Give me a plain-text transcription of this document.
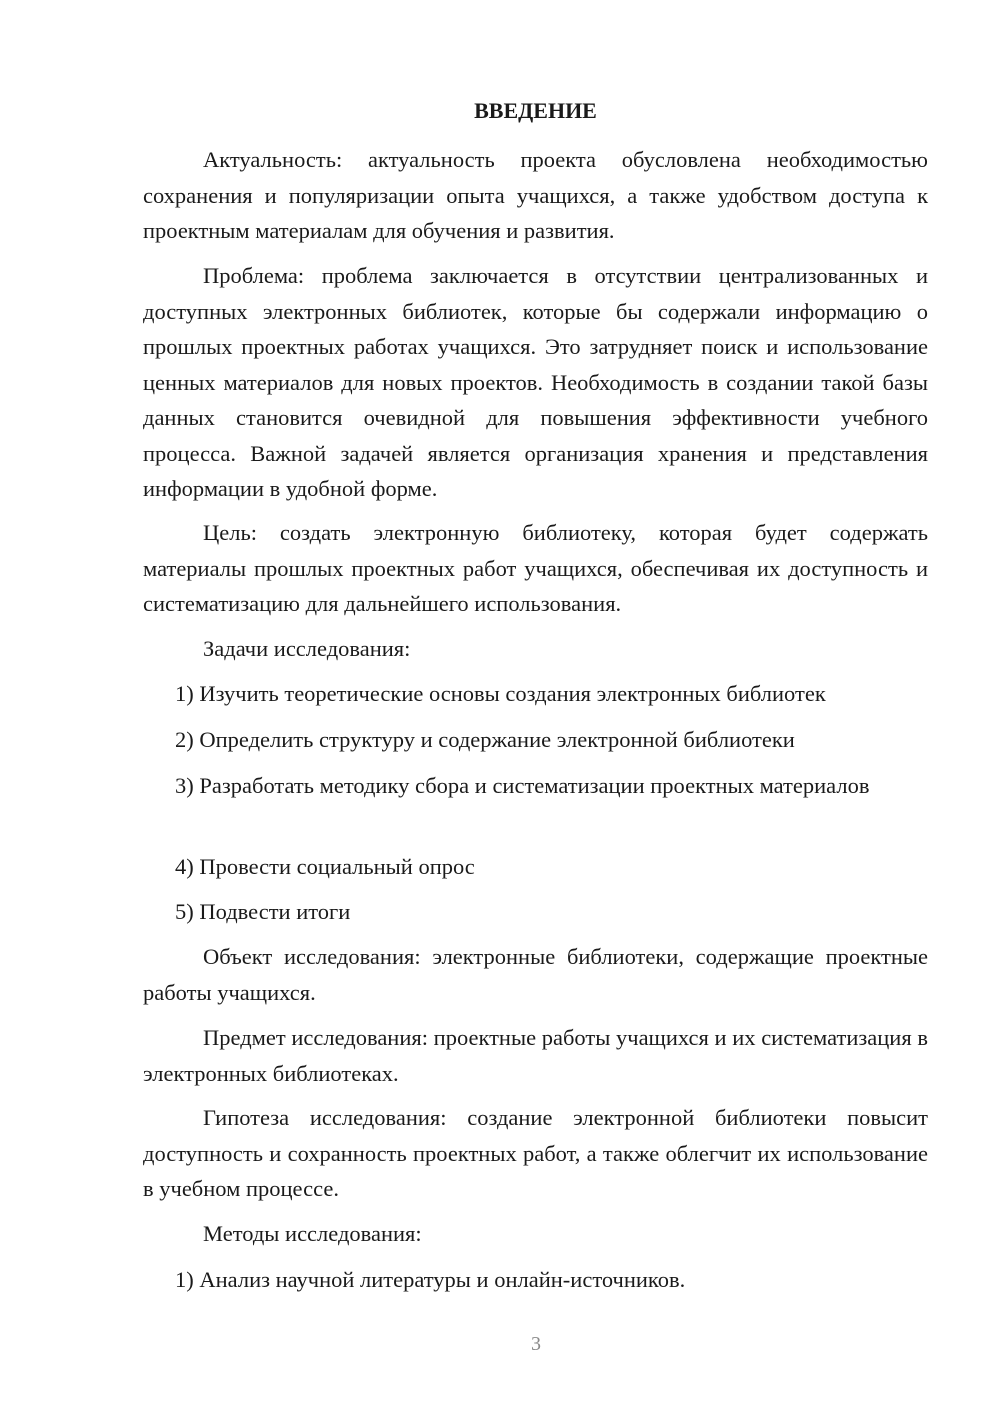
ВВЕДЕНИЕ

Актуальность: актуальность проекта обусловлена необходимостью сохранения и популяризации опыта учащихся, а также удобством доступа к проектным материалам для обучения и развития.

Проблема: проблема заключается в отсутствии централизованных и доступных электронных библиотек, которые бы содержали информацию о прошлых проектных работах учащихся. Это затрудняет поиск и использование ценных материалов для новых проектов. Необходимость в создании такой базы данных становится очевидной для повышения эффективности учебного процесса. Важной задачей является организация хранения и представления информации в удобной форме.

Цель: создать электронную библиотеку, которая будет содержать материалы прошлых проектных работ учащихся, обеспечивая их доступность и систематизацию для дальнейшего использования.

Задачи исследования:

1) Изучить теоретические основы создания электронных библиотек

2) Определить структуру и содержание электронной библиотеки

3) Разработать методику сбора и систематизации проектных материалов

4) Провести социальный опрос

5) Подвести итоги

Объект исследования: электронные библиотеки, содержащие проектные работы учащихся.

Предмет исследования: проектные работы учащихся и их систематизация в электронных библиотеках.

Гипотеза исследования: создание электронной библиотеки повысит доступность и сохранность проектных работ, а также облегчит их использование в учебном процессе.

Методы исследования:

1) Анализ научной литературы и онлайн-источников.

3
